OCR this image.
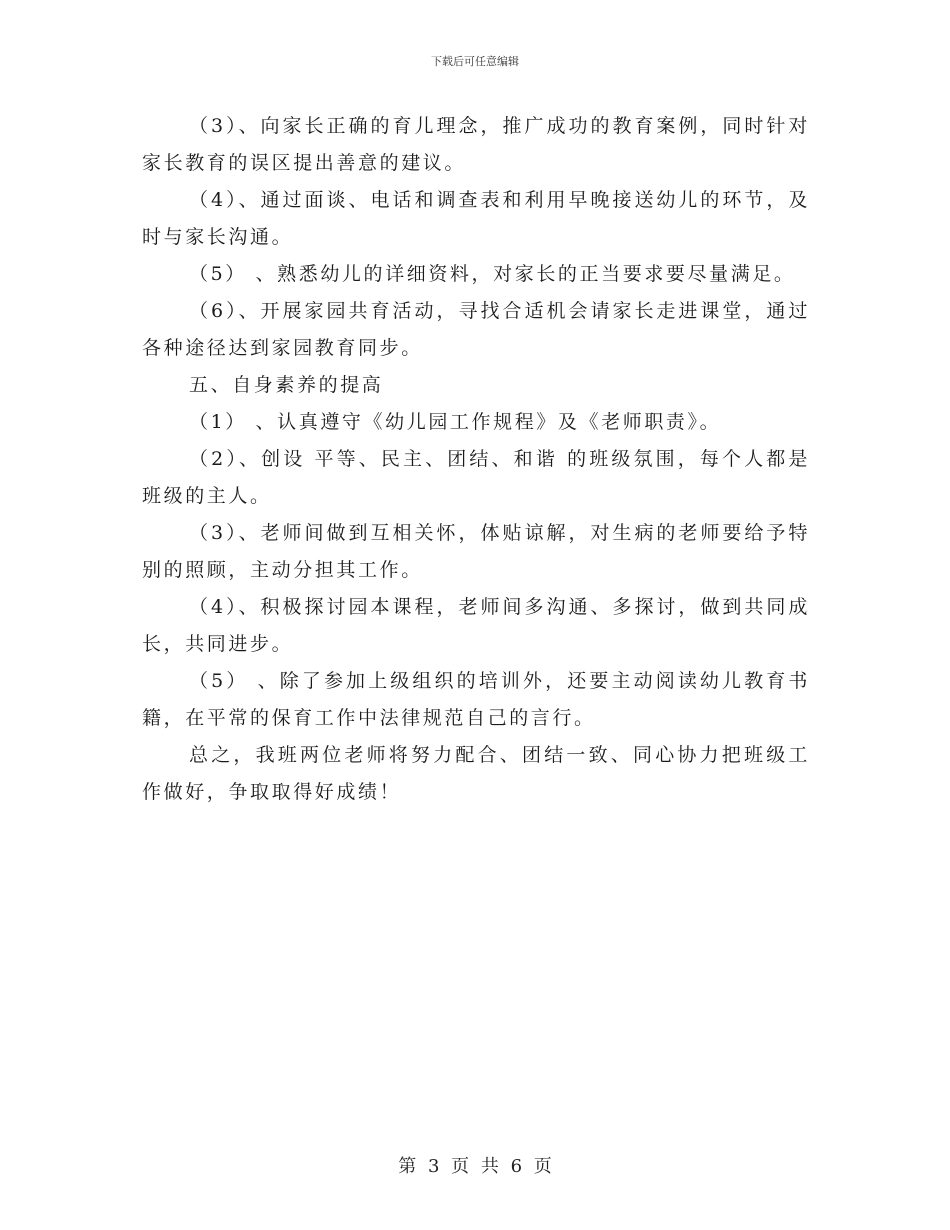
下载后可任意编辑

（3）、向家长正确的育儿理念，推广成功的教育案例，同时针对家长教育的误区提出善意的建议。

（4）、通过面谈、电话和调查表和利用早晚接送幼儿的环节，及时与家长沟通。

（5） 、熟悉幼儿的详细资料，对家长的正当要求要尽量满足。

（6）、开展家园共育活动，寻找合适机会请家长走进课堂，通过各种途径达到家园教育同步。

五、自身素养的提高

（1） 、认真遵守《幼儿园工作规程》及《老师职责》。

（2）、创设 平等、民主、团结、和谐 的班级氛围，每个人都是班级的主人。

（3）、老师间做到互相关怀，体贴谅解，对生病的老师要给予特别的照顾，主动分担其工作。

（4）、积极探讨园本课程，老师间多沟通、多探讨，做到共同成长，共同进步。

（5） 、除了参加上级组织的培训外，还要主动阅读幼儿教育书籍，在平常的保育工作中法律规范自己的言行。

总之，我班两位老师将努力配合、团结一致、同心协力把班级工作做好，争取取得好成绩！

第 3 页 共 6 页
